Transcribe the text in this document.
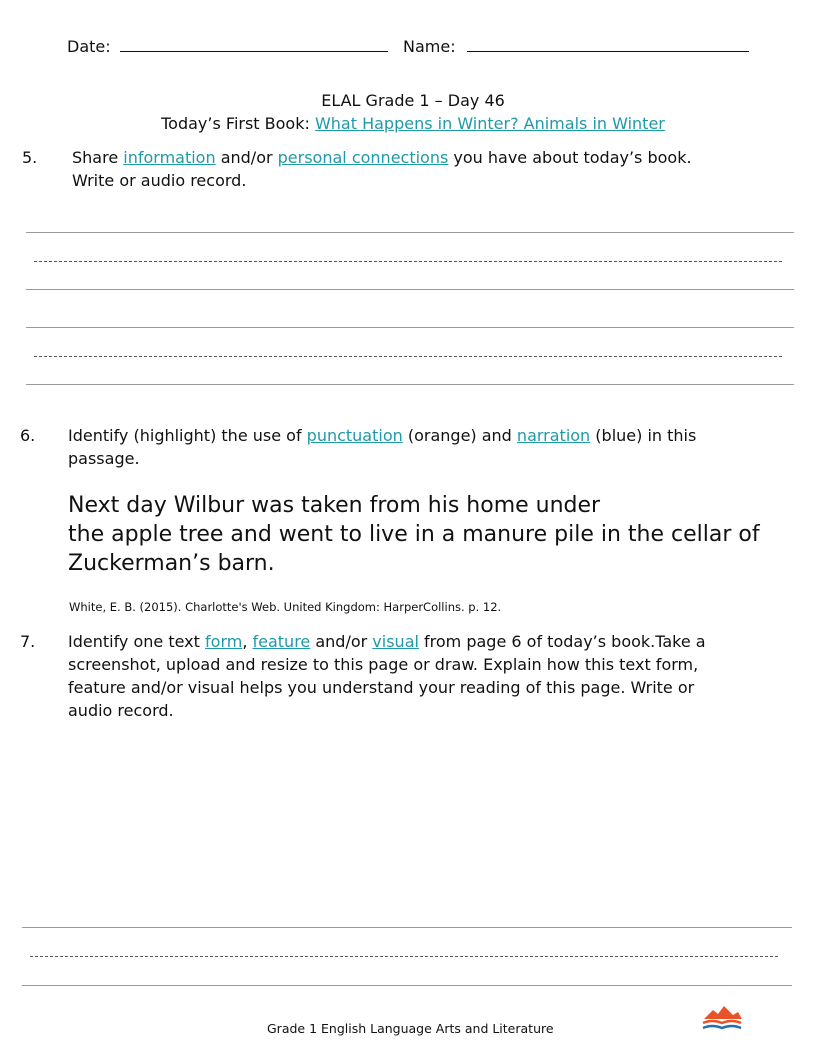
Date:	Name:
ELAL Grade 1 – Day 46
Today’s First Book: What Happens in Winter? Animals in Winter
5. Share information and/or personal connections you have about today’s book.
Write or audio record.
6. Identify (highlight) the use of punctuation (orange) and narration (blue) in this
passage.
Next day Wilbur was taken from his home under
the apple tree and went to live in a manure pile in the cellar of
Zuckerman’s barn.
White, E. B. (2015). Charlotte's Web. United Kingdom: HarperCollins. p. 12.
7. Identify one text form, feature and/or visual from page 6 of today’s book.Take a
screenshot, upload and resize to this page or draw. Explain how this text form,
feature and/or visual helps you understand your reading of this page. Write or
audio record.
Grade 1 English Language Arts and Literature
